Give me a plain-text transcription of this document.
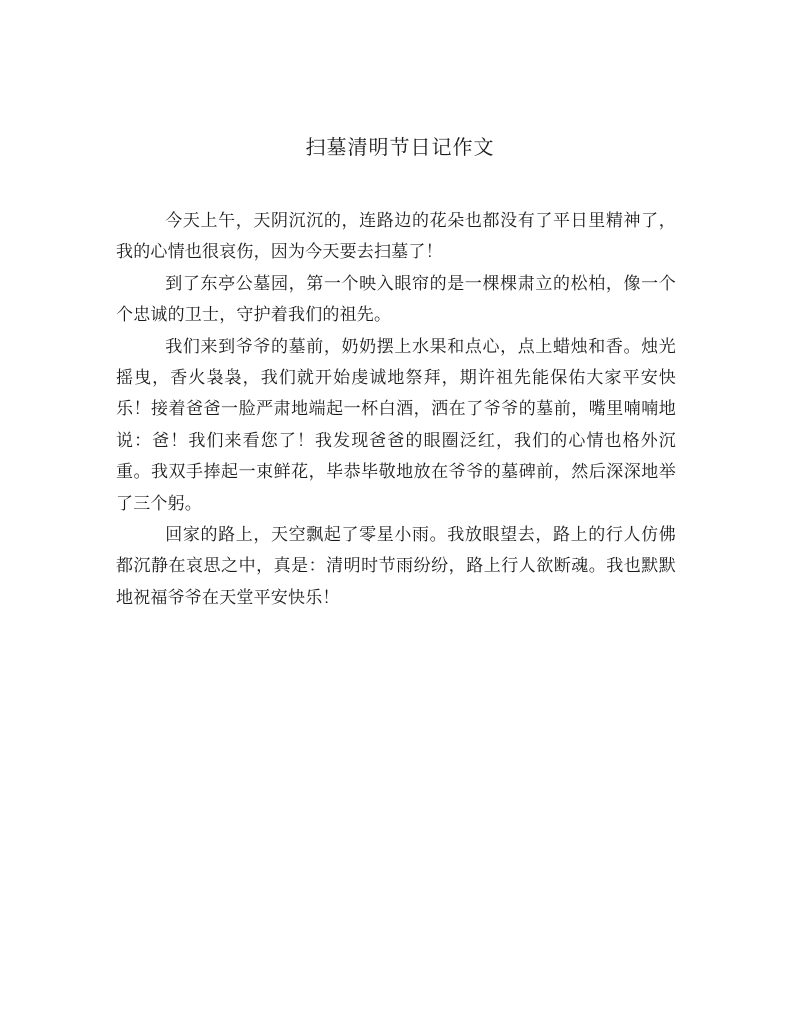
扫墓清明节日记作文

今天上午，天阴沉沉的，连路边的花朵也都没有了平日里精神了，我的心情也很哀伤，因为今天要去扫墓了！

到了东亭公墓园，第一个映入眼帘的是一棵棵肃立的松柏，像一个个忠诚的卫士，守护着我们的祖先。

我们来到爷爷的墓前，奶奶摆上水果和点心，点上蜡烛和香。烛光摇曳，香火袅袅，我们就开始虔诚地祭拜，期许祖先能保佑大家平安快乐！接着爸爸一脸严肃地端起一杯白酒，洒在了爷爷的墓前，嘴里喃喃地说：爸！我们来看您了！我发现爸爸的眼圈泛红，我们的心情也格外沉重。我双手捧起一束鲜花，毕恭毕敬地放在爷爷的墓碑前，然后深深地举了三个躬。

回家的路上，天空飘起了零星小雨。我放眼望去，路上的行人仿佛都沉静在哀思之中，真是：清明时节雨纷纷，路上行人欲断魂。我也默默地祝福爷爷在天堂平安快乐！
